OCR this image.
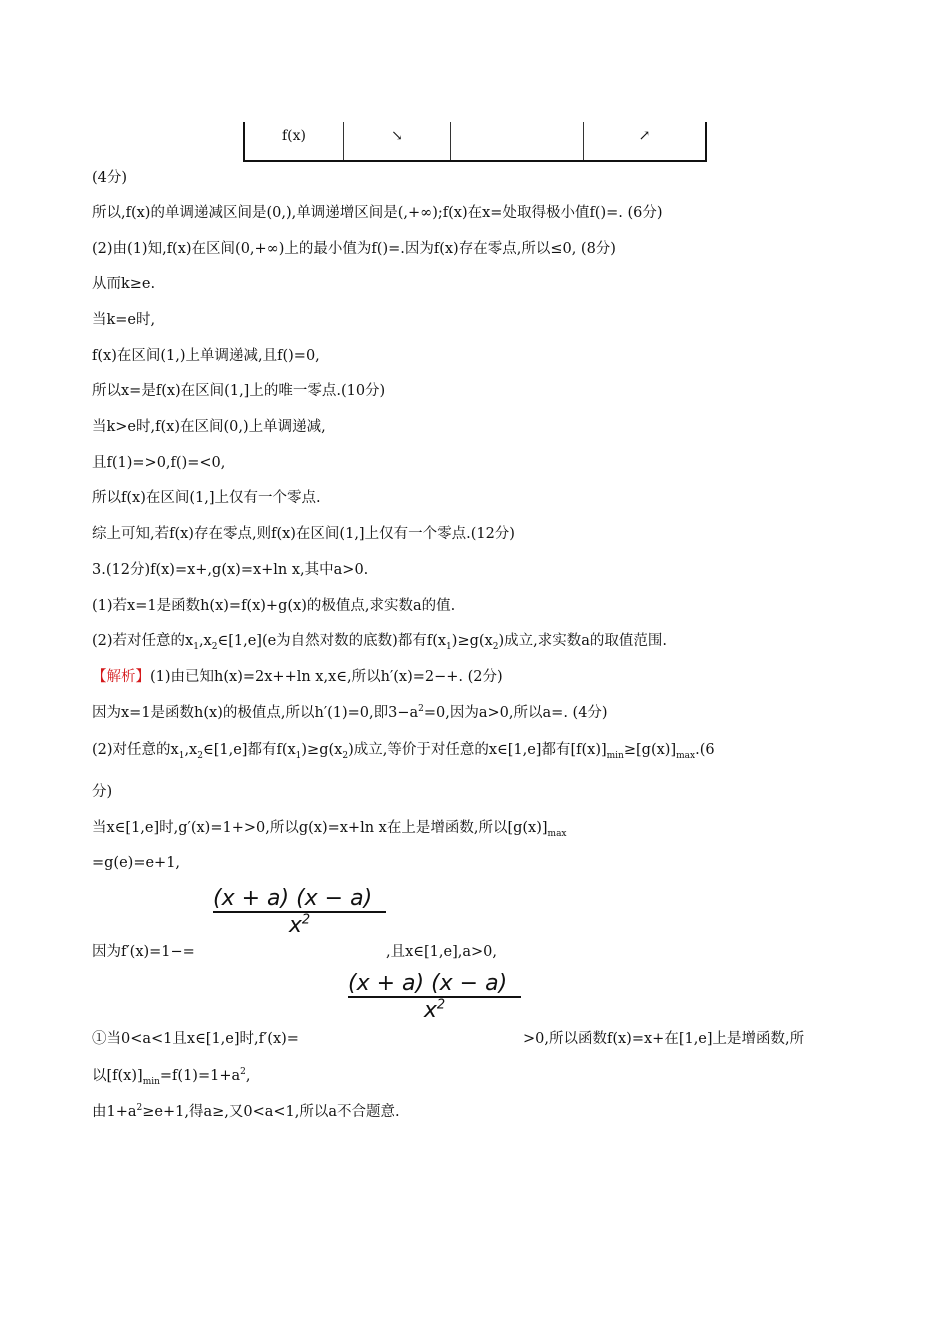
f(x)	↘		↗
(4分)
所以,f(x)的单调递减区间是(0,),单调递增区间是(,+∞);f(x)在x=处取得极小值f()=. (6分)
(2)由(1)知,f(x)在区间(0,+∞)上的最小值为f()=.因为f(x)存在零点,所以≤0, (8分)
从而k≥e.
当k=e时,
f(x)在区间(1,)上单调递减,且f()=0,
所以x=是f(x)在区间(1,]上的唯一零点.(10分)
当k>e时,f(x)在区间(0,)上单调递减,
且f(1)=>0,f()=<0,
所以f(x)在区间(1,]上仅有一个零点.
综上可知,若f(x)存在零点,则f(x)在区间(1,]上仅有一个零点.(12分)
3.(12分)f(x)=x+,g(x)=x+ln x,其中a>0.
(1)若x=1是函数h(x)=f(x)+g(x)的极值点,求实数a的值.
(2)若对任意的$x_1,x_2\in[1,e](e$为自然对数的底数)都有$f(x_1)\ge g(x_2)$成立,求实数a的取值范围.
【解析】(1)由已知h(x)=2x++ln x,x∈,所以h′(x)=2−+. (2分)
因为x=1是函数h(x)的极值点,所以h′(1)=0,即$3-a^2=0$,因为a>0,所以a=. (4分)
(2)对任意的$x_1,x_2\in[1,e]$都有$f(x_1)\ge g(x_2)$成立,等价于对任意的x∈[1,e]都有$[f(x)]_{min}\ge[g(x)]_{max}.(6$
分)
当x∈[1,e]时,g′(x)=1+>0,所以g(x)=x+ln x在上是增函数,所以$[g(x)]_{max}$
=g(e)=e+1,
(x + a) (x − a)
$x^2$
因为f′(x)=1−=	,且x∈[1,e],a>0,
(x + a) (x − a)
$x^2$
①当0<a<1且x∈[1,e]时,f′(x)=	>0,所以函数f(x)=x+在[1,e]上是增函数,所
以$[f(x)]_{min}=f(1)=1+a^2$,
由$1+a^2\ge e+1$,得a≥,又0<a<1,所以a不合题意.
